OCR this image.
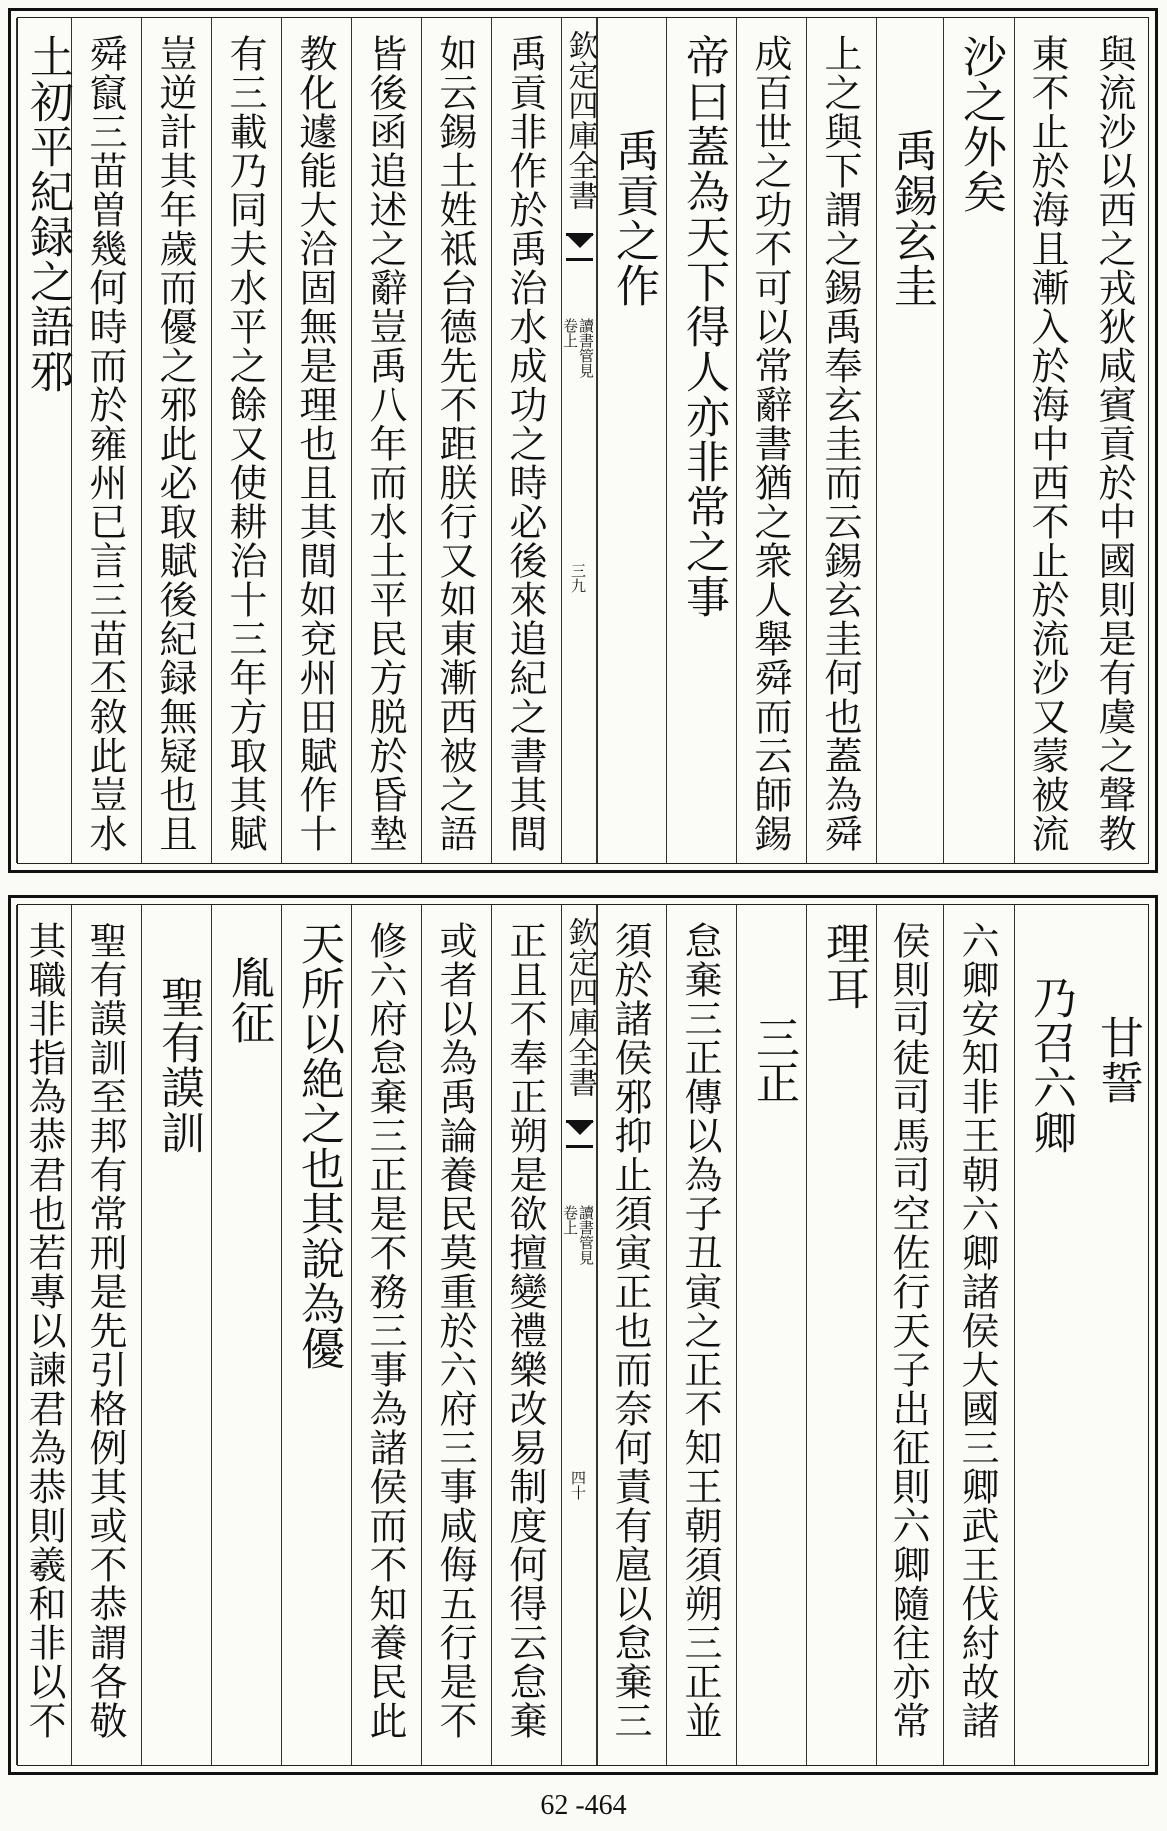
與流沙以西之戎狄咸賓貢於中國則是有虞之聲教
東不止於海且漸入於海中西不止於流沙又蒙被流
沙之外矣
禹錫玄圭
上之與下謂之錫禹奉玄圭而云錫玄圭何也蓋為舜
成百世之功不可以常辭書猶之衆人舉舜而云師錫
帝曰蓋為天下得人亦非常之事
禹貢之作
欽定四庫全書
讀書管見
卷上
三九
禹貢非作於禹治水成功之時必後來追紀之書其間
如云錫土姓祗台德先不距朕行又如東漸西被之語
皆後函追述之辭豈禹八年而水土平民方脱於昏墊
教化遽能大洽固無是理也且其間如兗州田賦作十
有三載乃同夫水平之餘又使耕治十三年方取其賦
豈逆計其年歲而優之邪此必取賦後紀録無疑也且
舜竄三苗曽幾何時而於雍州已言三苗丕敘此豈水
土初平紀録之語邪
甘誓
乃召六卿
六卿安知非王朝六卿諸侯大國三卿武王伐紂故諸
侯則司徒司馬司空佐行天子出征則六卿隨往亦常
理耳
三正
怠棄三正傳以為子丑寅之正不知王朝須朔三正並
須於諸侯邪抑止須寅正也而奈何責有扈以怠棄三
欽定四庫全書
讀書管見
卷上
四十
正且不奉正朔是欲擅變禮樂改易制度何得云怠棄
或者以為禹論養民莫重於六府三事咸侮五行是不
修六府怠棄三正是不務三事為諸侯而不知養民此
天所以絶之也其說為優
胤征
聖有謨訓
聖有謨訓至邦有常刑是先引格例其或不恭謂各敬
其職非指為恭君也若專以諫君為恭則羲和非以不
62 -464
